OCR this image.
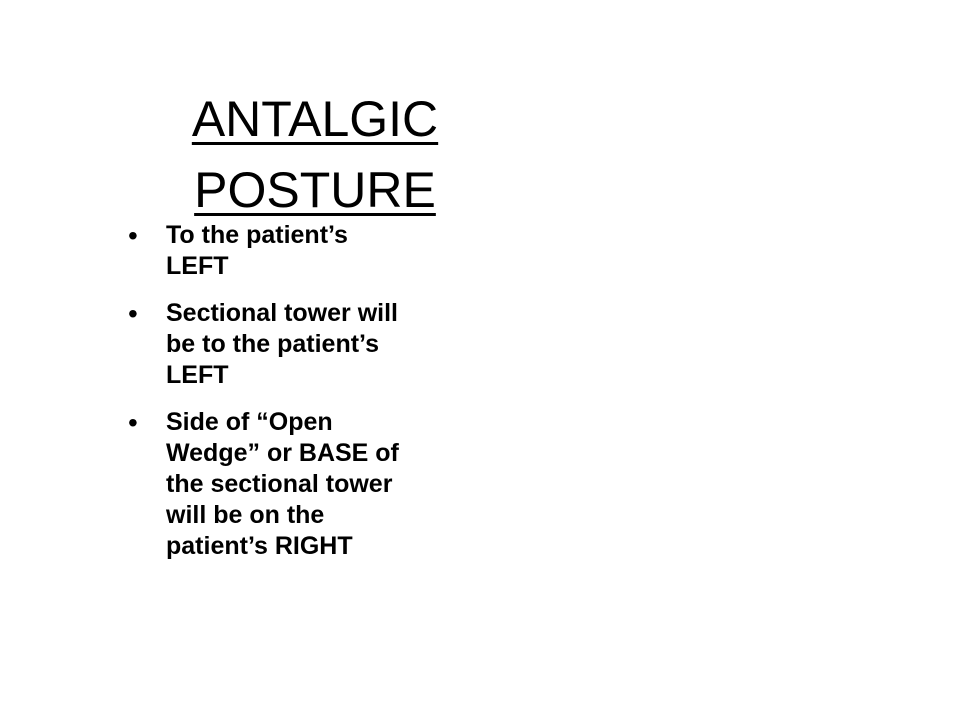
ANTALGIC
POSTURE
• To the patient’s
LEFT
• Sectional tower will
be to the patient’s
LEFT
• Side of “Open
Wedge” or BASE of
the sectional tower
will be on the
patient’s RIGHT
